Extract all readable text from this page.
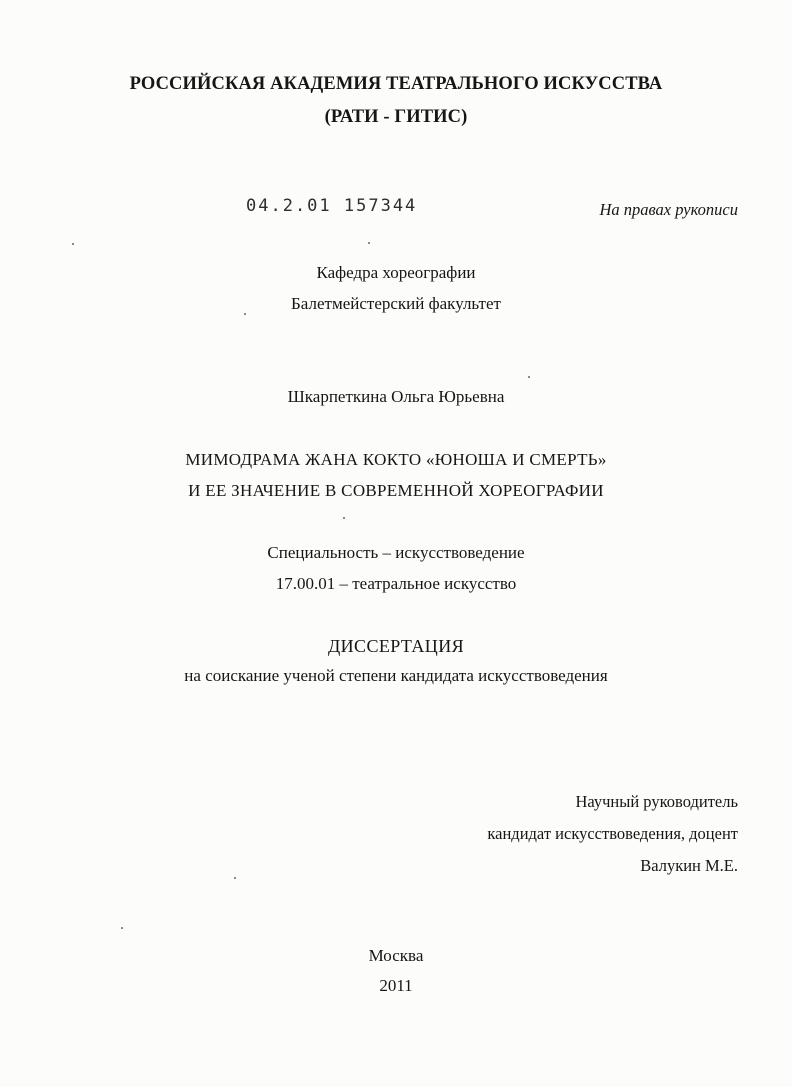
РОССИЙСКАЯ АКАДЕМИЯ ТЕАТРАЛЬНОГО ИСКУССТВА
(РАТИ - ГИТИС)
04.2.01 157344	На правах рукописи
Кафедра хореографии
Балетмейстерский факультет
Шкарпеткина Ольга Юрьевна
МИМОДРАМА ЖАНА КОКТО «ЮНОША И СМЕРТЬ»
И ЕЕ ЗНАЧЕНИЕ В СОВРЕМЕННОЙ ХОРЕОГРАФИИ
Специальность – искусствоведение
17.00.01 – театральное искусство
ДИССЕРТАЦИЯ
на соискание ученой степени кандидата искусствоведения
Научный руководитель
кандидат искусствоведения, доцент
Валукин М.Е.
Москва
2011
